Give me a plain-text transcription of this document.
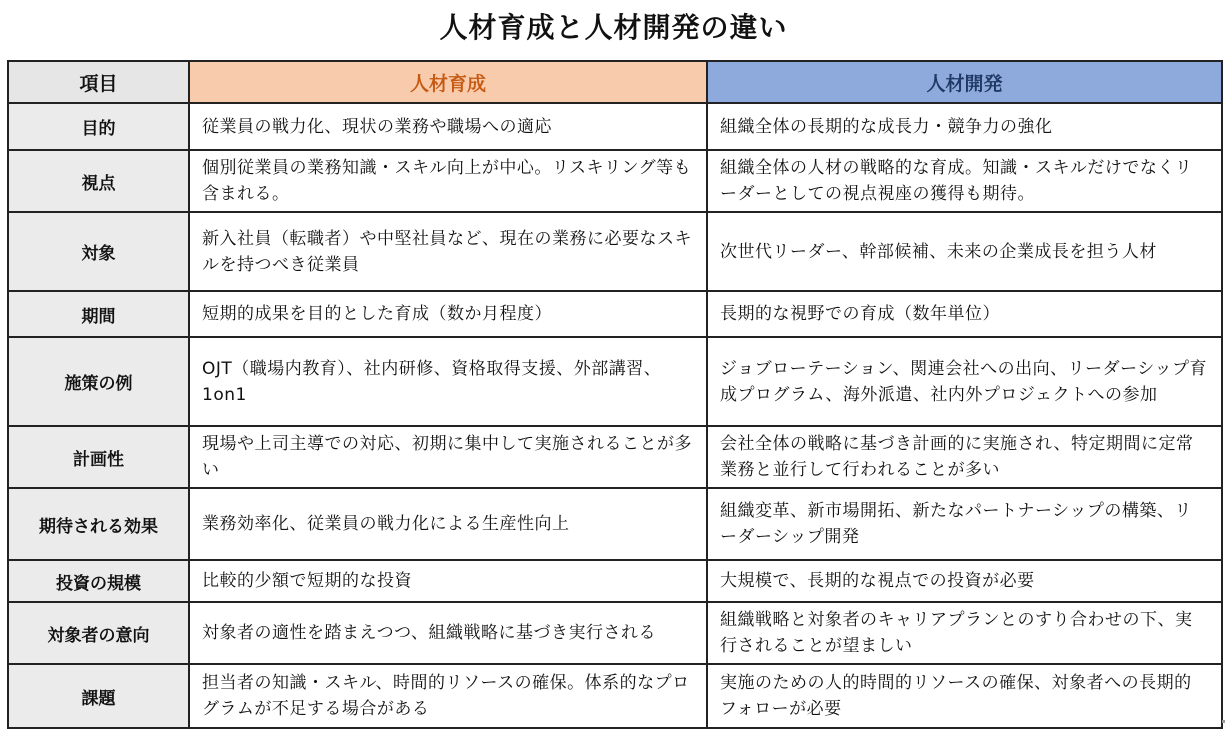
人材育成と人材開発の違い
項目	人材育成	人材開発
目的	従業員の戦力化、現状の業務や職場への適応	組織全体の長期的な成長力・競争力の強化
視点	個別従業員の業務知識・スキル向上が中心。リスキリング等も含まれる。	組織全体の人材の戦略的な育成。知識・スキルだけでなくリーダーとしての視点視座の獲得も期待。
対象	新入社員（転職者）や中堅社員など、現在の業務に必要なスキルを持つべき従業員	次世代リーダー、幹部候補、未来の企業成長を担う人材
期間	短期的成果を目的とした育成（数か月程度）	長期的な視野での育成（数年単位）
施策の例	OJT（職場内教育）、社内研修、資格取得支援、外部講習、1on1	ジョブローテーション、関連会社への出向、リーダーシップ育成プログラム、海外派遣、社内外プロジェクトへの参加
計画性	現場や上司主導での対応、初期に集中して実施されることが多い	会社全体の戦略に基づき計画的に実施され、特定期間に定常業務と並行して行われることが多い
期待される効果	業務効率化、従業員の戦力化による生産性向上	組織変革、新市場開拓、新たなパートナーシップの構築、リーダーシップ開発
投資の規模	比較的少額で短期的な投資	大規模で、長期的な視点での投資が必要
対象者の意向	対象者の適性を踏まえつつ、組織戦略に基づき実行される	組織戦略と対象者のキャリアプランとのすり合わせの下、実行されることが望ましい
課題	担当者の知識・スキル、時間的リソースの確保。体系的なプログラムが不足する場合がある	実施のための人的時間的リソースの確保、対象者への長期的フォローが必要
